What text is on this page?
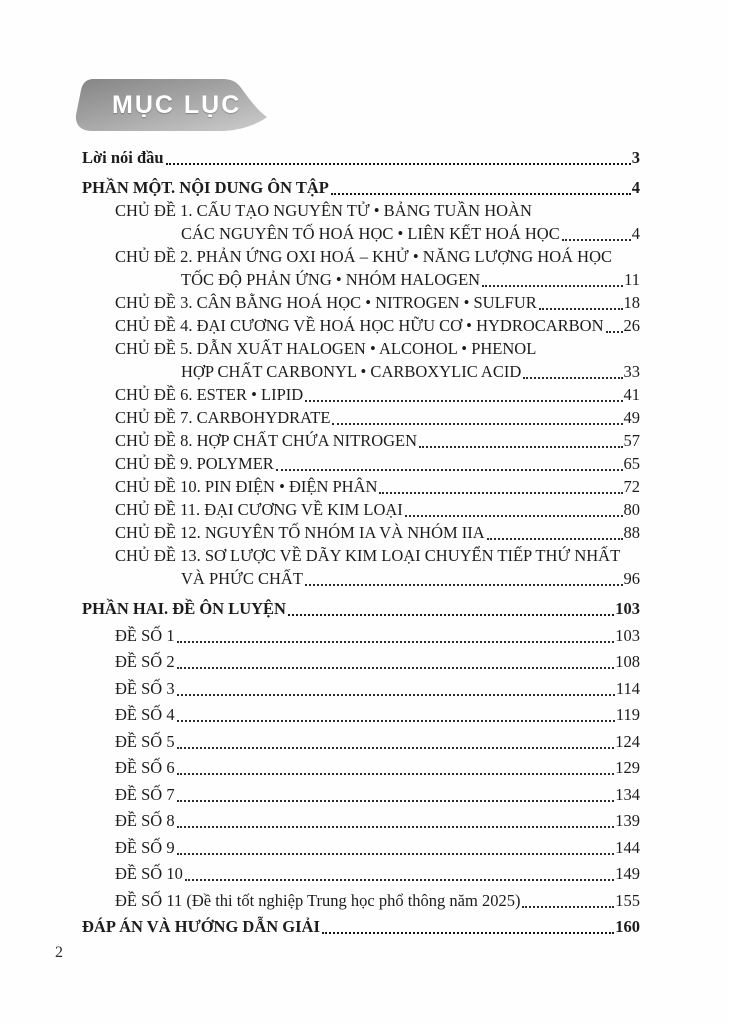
MỤC LỤC
Lời nói đầu	3
PHẦN MỘT. NỘI DUNG ÔN TẬP	4
CHỦ ĐỀ 1. CẤU TẠO NGUYÊN TỬ • BẢNG TUẦN HOÀN
CÁC NGUYÊN TỐ HOÁ HỌC • LIÊN KẾT HOÁ HỌC	4
CHỦ ĐỀ 2. PHẢN ỨNG OXI HOÁ – KHỬ • NĂNG LƯỢNG HOÁ HỌC
TỐC ĐỘ PHẢN ỨNG • NHÓM HALOGEN	11
CHỦ ĐỀ 3. CÂN BẰNG HOÁ HỌC • NITROGEN • SULFUR	18
CHỦ ĐỀ 4. ĐẠI CƯƠNG VỀ HOÁ HỌC HỮU CƠ • HYDROCARBON 26
CHỦ ĐỀ 5. DẪN XUẤT HALOGEN • ALCOHOL • PHENOL
HỢP CHẤT CARBONYL • CARBOXYLIC ACID	33
CHỦ ĐỀ 6. ESTER • LIPID	41
CHỦ ĐỀ 7. CARBOHYDRATE	49
CHỦ ĐỀ 8. HỢP CHẤT CHỨA NITROGEN	57
CHỦ ĐỀ 9. POLYMER	65
CHỦ ĐỀ 10. PIN ĐIỆN • ĐIỆN PHÂN	72
CHỦ ĐỀ 11. ĐẠI CƯƠNG VỀ KIM LOẠI	80
CHỦ ĐỀ 12. NGUYÊN TỐ NHÓM IA VÀ NHÓM IIA	88
CHỦ ĐỀ 13. SƠ LƯỢC VỀ DÃY KIM LOẠI CHUYỂN TIẾP THỨ NHẤT
VÀ PHỨC CHẤT	96
PHẦN HAI. ĐỀ ÔN LUYỆN	103
ĐỀ SỐ 1	103
ĐỀ SỐ 2	108
ĐỀ SỐ 3	114
ĐỀ SỐ 4	119
ĐỀ SỐ 5	124
ĐỀ SỐ 6	129
ĐỀ SỐ 7	134
ĐỀ SỐ 8	139
ĐỀ SỐ 9	144
ĐỀ SỐ 10	149
ĐỀ SỐ 11 (Đề thi tốt nghiệp Trung học phổ thông năm 2025)	155
ĐÁP ÁN VÀ HƯỚNG DẪN GIẢI	160
2
